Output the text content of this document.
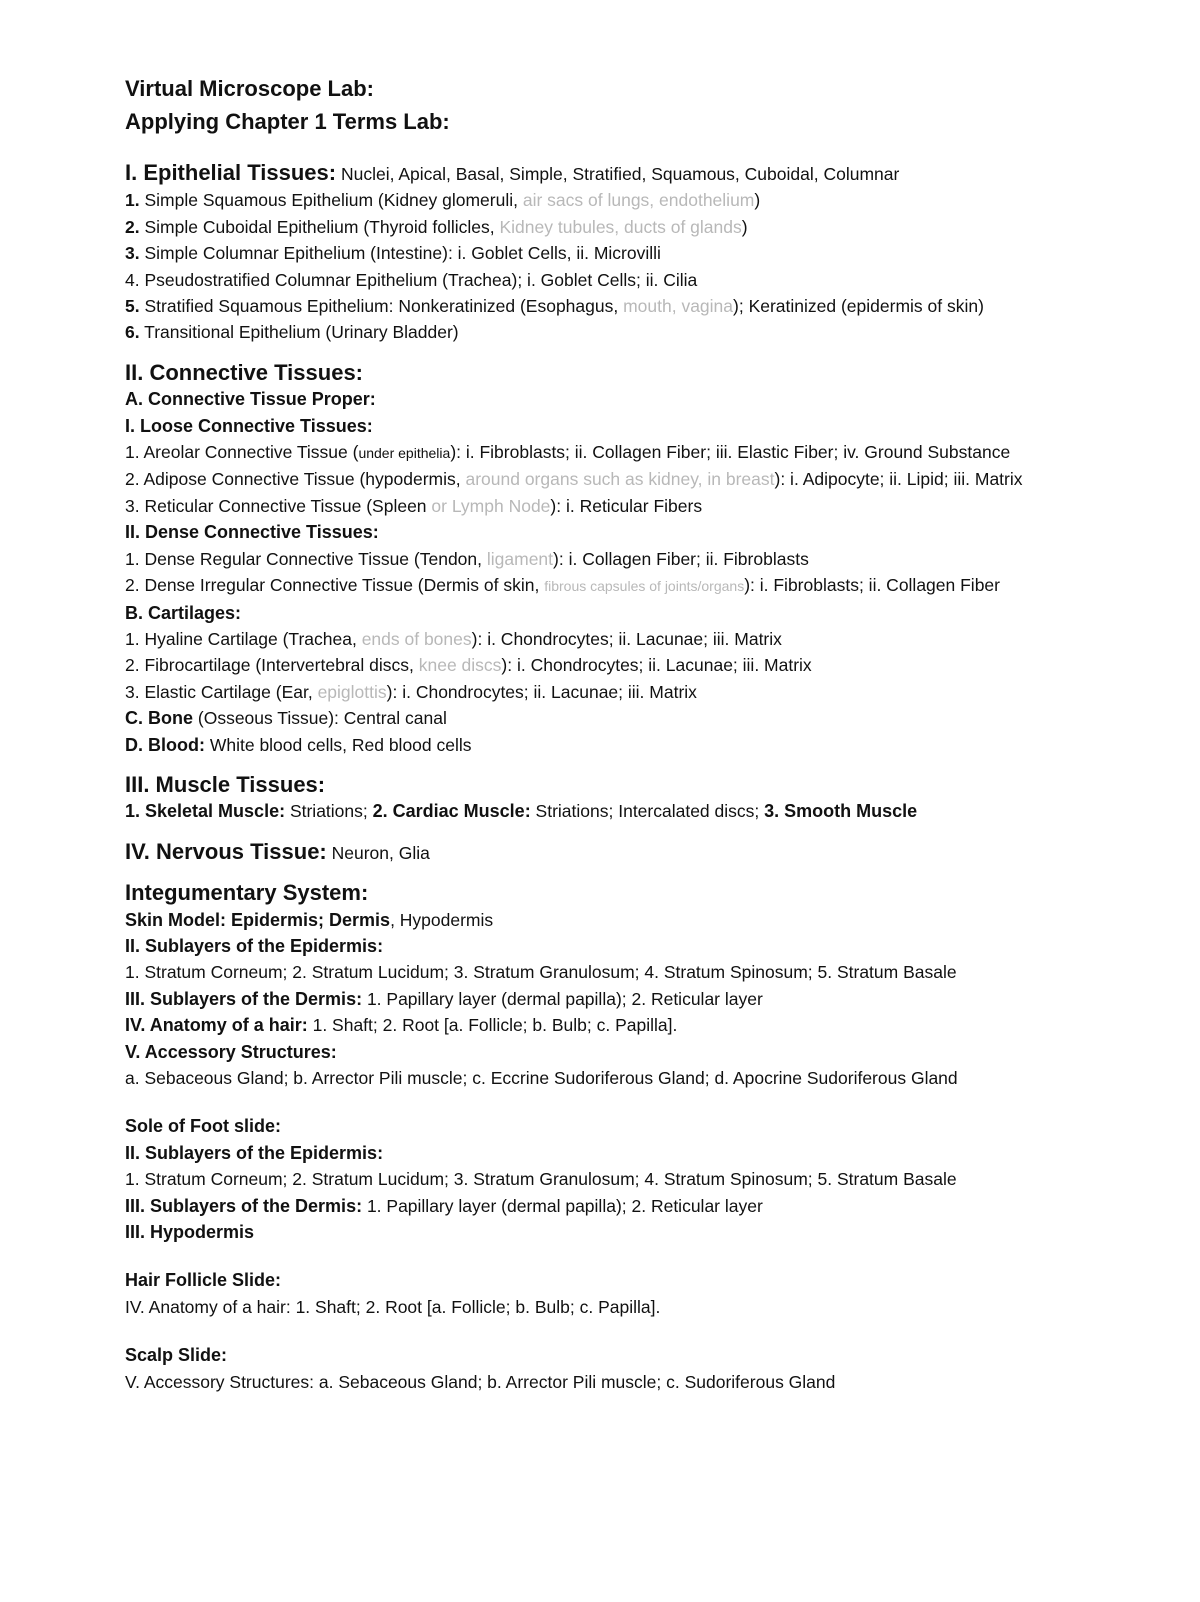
Virtual Microscope Lab:
Applying Chapter 1 Terms Lab:
I. Epithelial Tissues: Nuclei, Apical, Basal, Simple, Stratified, Squamous, Cuboidal, Columnar
1. Simple Squamous Epithelium (Kidney glomeruli, air sacs of lungs, endothelium)
2. Simple Cuboidal Epithelium (Thyroid follicles, Kidney tubules, ducts of glands)
3. Simple Columnar Epithelium (Intestine): i. Goblet Cells, ii. Microvilli
4. Pseudostratified Columnar Epithelium (Trachea); i. Goblet Cells; ii. Cilia
5. Stratified Squamous Epithelium: Nonkeratinized (Esophagus, mouth, vagina); Keratinized (epidermis of skin)
6. Transitional Epithelium (Urinary Bladder)
II. Connective Tissues:
A. Connective Tissue Proper:
I. Loose Connective Tissues:
1. Areolar Connective Tissue (under epithelia): i. Fibroblasts; ii. Collagen Fiber; iii. Elastic Fiber; iv. Ground Substance
2. Adipose Connective Tissue (hypodermis, around organs such as kidney, in breast): i. Adipocyte; ii. Lipid; iii. Matrix
3. Reticular Connective Tissue (Spleen or Lymph Node): i. Reticular Fibers
II. Dense Connective Tissues:
1. Dense Regular Connective Tissue (Tendon, ligament): i. Collagen Fiber; ii. Fibroblasts
2. Dense Irregular Connective Tissue (Dermis of skin, fibrous capsules of joints/organs): i. Fibroblasts; ii. Collagen Fiber
B. Cartilages:
1. Hyaline Cartilage (Trachea, ends of bones): i. Chondrocytes; ii. Lacunae; iii. Matrix
2. Fibrocartilage (Intervertebral discs, knee discs): i. Chondrocytes; ii. Lacunae; iii. Matrix
3. Elastic Cartilage (Ear, epiglottis): i. Chondrocytes; ii. Lacunae; iii. Matrix
C. Bone (Osseous Tissue): Central canal
D. Blood: White blood cells, Red blood cells
III. Muscle Tissues:
1. Skeletal Muscle: Striations; 2. Cardiac Muscle: Striations; Intercalated discs; 3. Smooth Muscle
IV. Nervous Tissue: Neuron, Glia
Integumentary System:
Skin Model: Epidermis; Dermis, Hypodermis
II. Sublayers of the Epidermis:
1. Stratum Corneum; 2. Stratum Lucidum; 3. Stratum Granulosum; 4. Stratum Spinosum; 5. Stratum Basale
III. Sublayers of the Dermis: 1. Papillary layer (dermal papilla); 2. Reticular layer
IV. Anatomy of a hair: 1. Shaft; 2. Root [a. Follicle; b. Bulb; c. Papilla].
V. Accessory Structures:
a. Sebaceous Gland; b. Arrector Pili muscle; c. Eccrine Sudoriferous Gland; d. Apocrine Sudoriferous Gland
Sole of Foot slide:
II. Sublayers of the Epidermis:
1. Stratum Corneum; 2. Stratum Lucidum; 3. Stratum Granulosum; 4. Stratum Spinosum; 5. Stratum Basale
III. Sublayers of the Dermis: 1. Papillary layer (dermal papilla); 2. Reticular layer
III. Hypodermis
Hair Follicle Slide:
IV. Anatomy of a hair: 1. Shaft; 2. Root [a. Follicle; b. Bulb; c. Papilla].
Scalp Slide:
V. Accessory Structures: a. Sebaceous Gland; b. Arrector Pili muscle; c. Sudoriferous Gland
